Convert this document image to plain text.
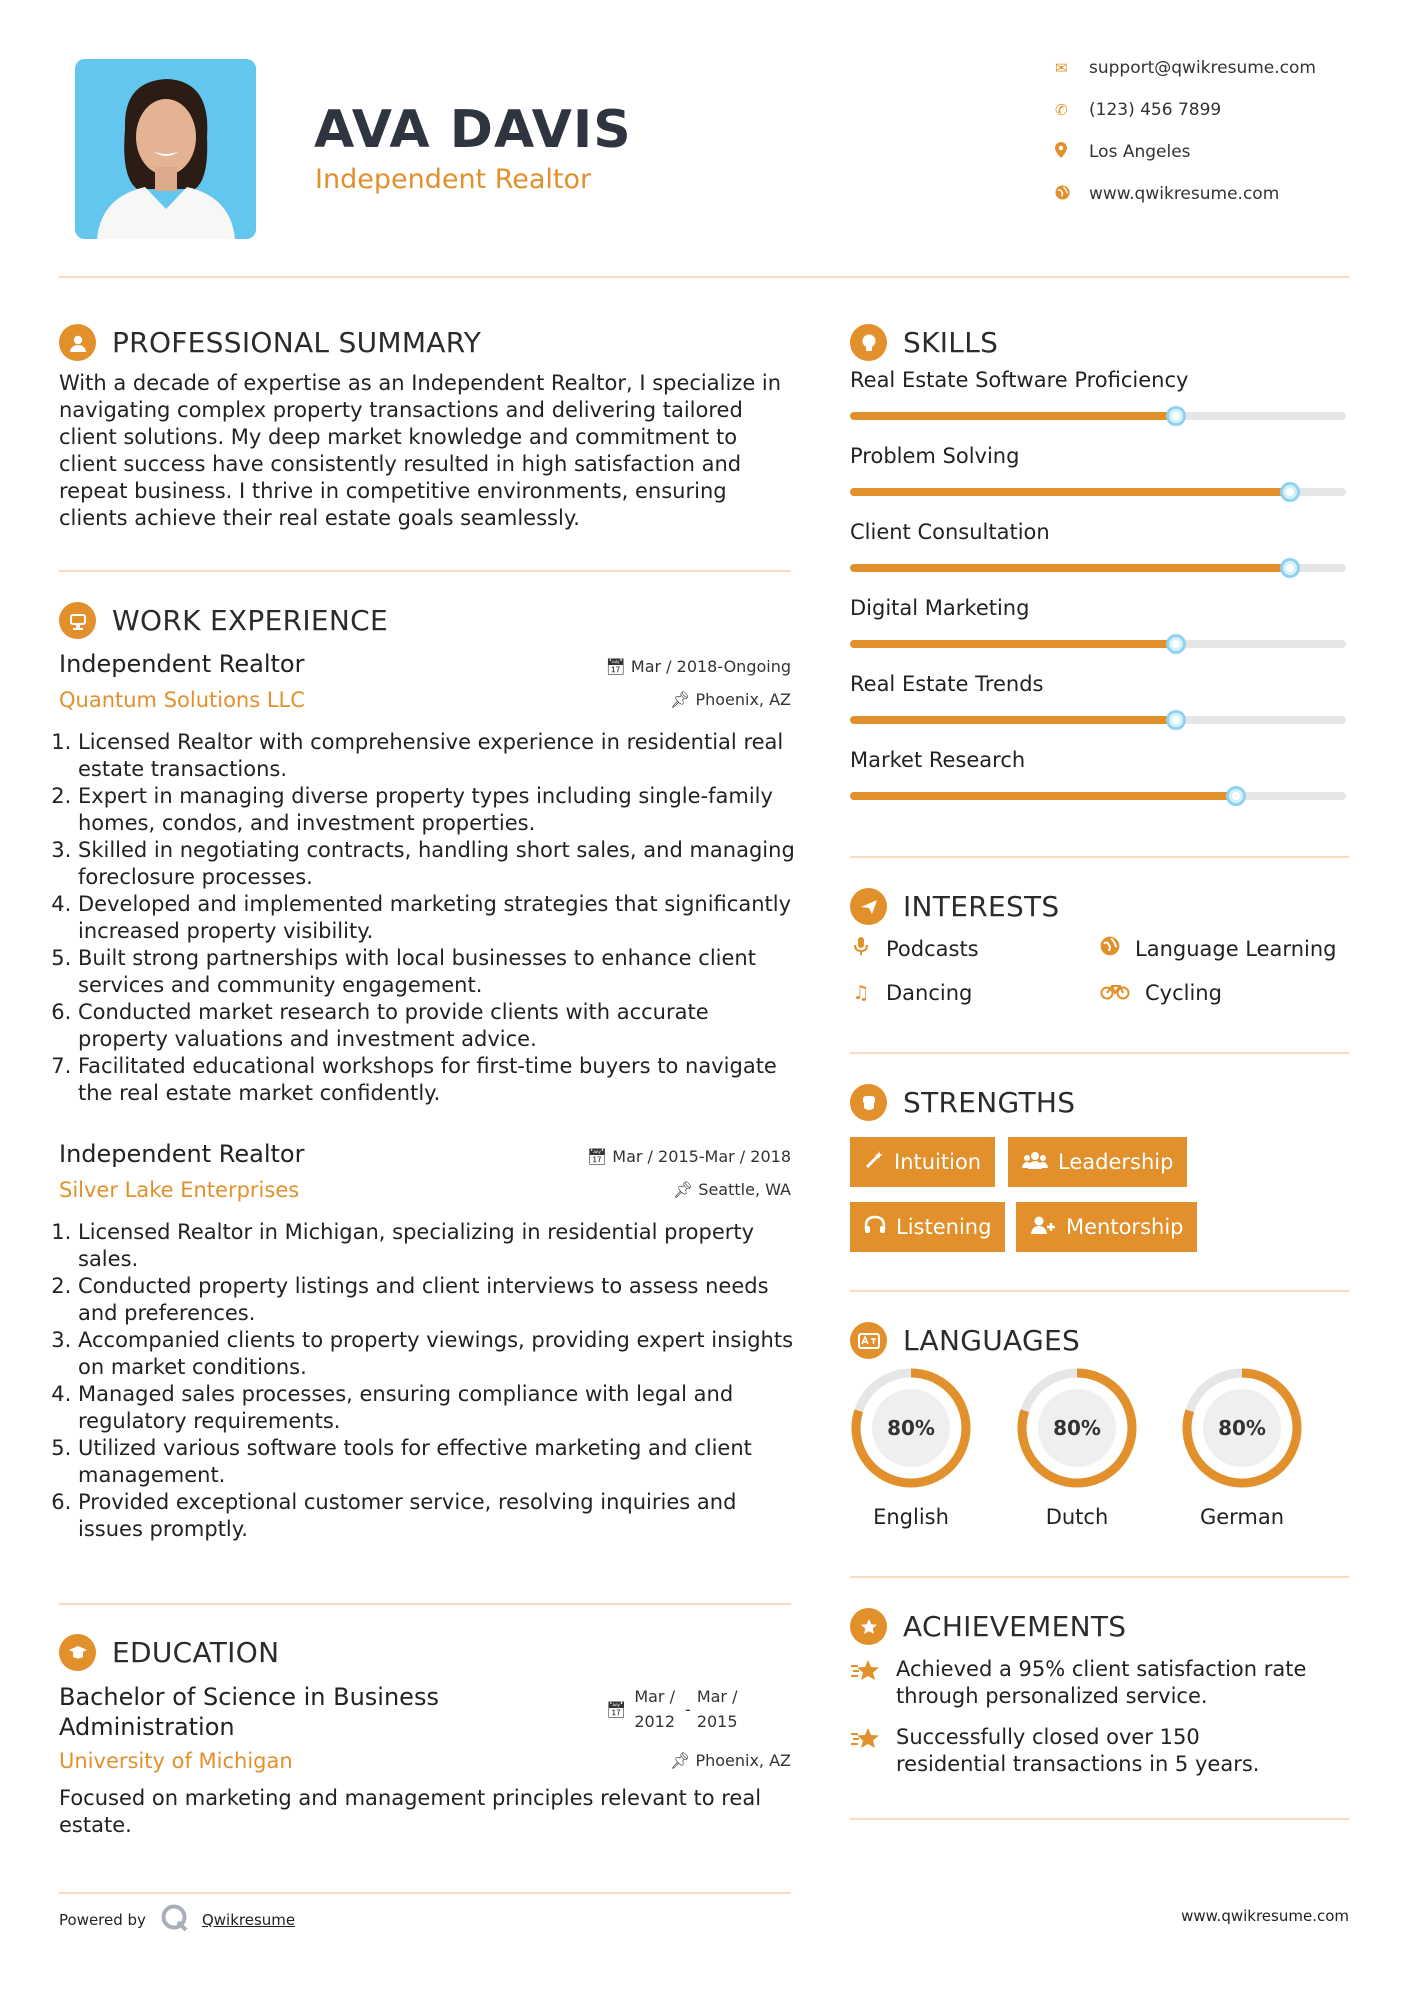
AVA DAVIS
Independent Realtor
✉	support@qwikresume.com
✆	(123) 456 7899
Los Angeles
www.qwikresume.com
PROFESSIONAL SUMMARY
With a decade of expertise as an Independent Realtor, I specialize in navigating complex property transactions and delivering tailored client solutions. My deep market knowledge and commitment to client success have consistently resulted in high satisfaction and repeat business. I thrive in competitive environments, ensuring clients achieve their real estate goals seamlessly.
WORK EXPERIENCE
Independent Realtor	📅︎ Mar / 2018-Ongoing
Quantum Solutions LLC	📌︎ Phoenix, AZ
1. Licensed Realtor with comprehensive experience in residential real estate transactions.
2. Expert in managing diverse property types including single-family homes, condos, and investment properties.
3. Skilled in negotiating contracts, handling short sales, and managing foreclosure processes.
4. Developed and implemented marketing strategies that significantly increased property visibility.
5. Built strong partnerships with local businesses to enhance client services and community engagement.
6. Conducted market research to provide clients with accurate property valuations and investment advice.
7. Facilitated educational workshops for first-time buyers to navigate the real estate market confidently.
Independent Realtor	📅︎ Mar / 2015-Mar / 2018
Silver Lake Enterprises	📌︎ Seattle, WA
1. Licensed Realtor in Michigan, specializing in residential property sales.
2. Conducted property listings and client interviews to assess needs and preferences.
3. Accompanied clients to property viewings, providing expert insights on market conditions.
4. Managed sales processes, ensuring compliance with legal and regulatory requirements.
5. Utilized various software tools for effective marketing and client management.
6. Provided exceptional customer service, resolving inquiries and issues promptly.
EDUCATION
Bachelor of Science in Business Administration
📅︎
Mar /
2012
-
Mar /
2015
University of Michigan	📌︎ Phoenix, AZ
Focused on marketing and management principles relevant to real estate.
Powered by	Qwikresume	www.qwikresume.com
SKILLS
Real Estate Software Proficiency
Problem Solving
Client Consultation
Digital Marketing
Real Estate Trends
Market Research
INTERESTS
Podcasts	Language Learning
♫ Dancing	Cycling
STRENGTHS
Intuition	Leadership
Listening	Mentorship
LANGUAGES
80%	80%	80%
English	Dutch	German
ACHIEVEMENTS
Achieved a 95% client satisfaction rate through personalized service.
Successfully closed over 150 residential transactions in 5 years.
